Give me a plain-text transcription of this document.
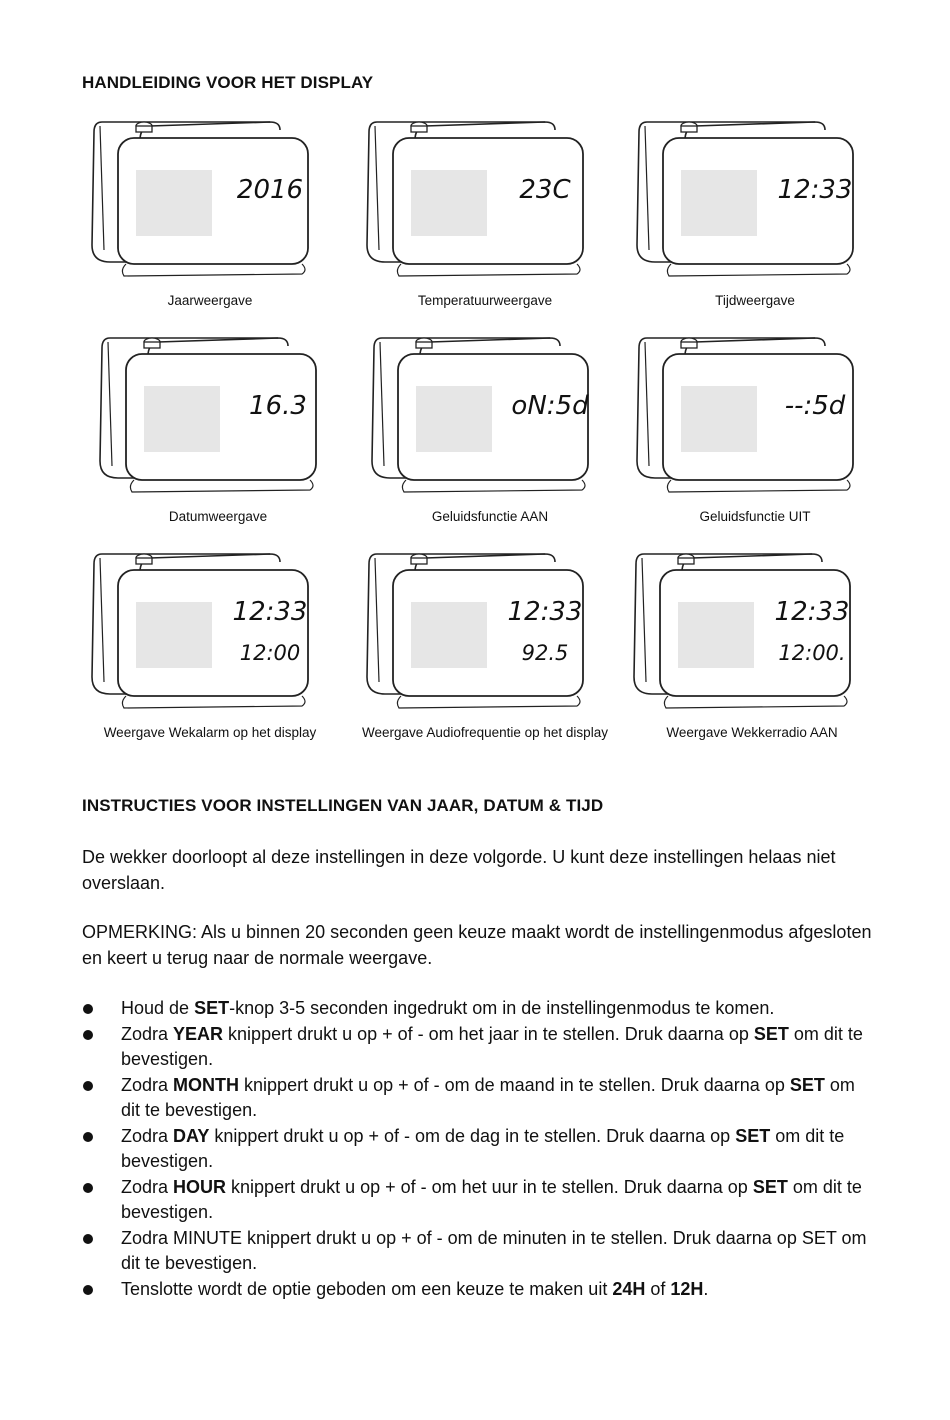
HANDLEIDING VOOR HET DISPLAY
2016
Jaarweergave
23C
Temperatuurweergave
12:33
Tijdweergave
16.3
Datumweergave
oN:5d
Geluidsfunctie AAN
--:5d
Geluidsfunctie UIT
12:33
12:00
Weergave Wekalarm op het display
12:33
92.5
Weergave Audiofrequentie op het display
12:33
12:00.
Weergave Wekkerradio AAN
INSTRUCTIES VOOR INSTELLINGEN VAN JAAR, DATUM & TIJD
De wekker doorloopt al deze instellingen in deze volgorde. U kunt deze instellingen helaas niet overslaan.
OPMERKING: Als u binnen 20 seconden geen keuze maakt wordt de instellingenmodus afgesloten en keert u terug naar de normale weergave.
Houd de SET-knop 3-5 seconden ingedrukt om in de instellingenmodus te komen.
Zodra YEAR knippert drukt u op + of - om het jaar in te stellen. Druk daarna op SET om dit te bevestigen.
Zodra MONTH knippert drukt u op + of - om de maand in te stellen. Druk daarna op SET om dit te bevestigen.
Zodra DAY knippert drukt u op + of - om de dag in te stellen. Druk daarna op SET om dit te bevestigen.
Zodra HOUR knippert drukt u op + of - om het uur in te stellen. Druk daarna op SET om dit te bevestigen.
Zodra MINUTE knippert drukt u op + of - om de minuten in te stellen. Druk daarna op SET om dit te bevestigen.
Tenslotte wordt de optie geboden om een keuze te maken uit 24H of 12H.
